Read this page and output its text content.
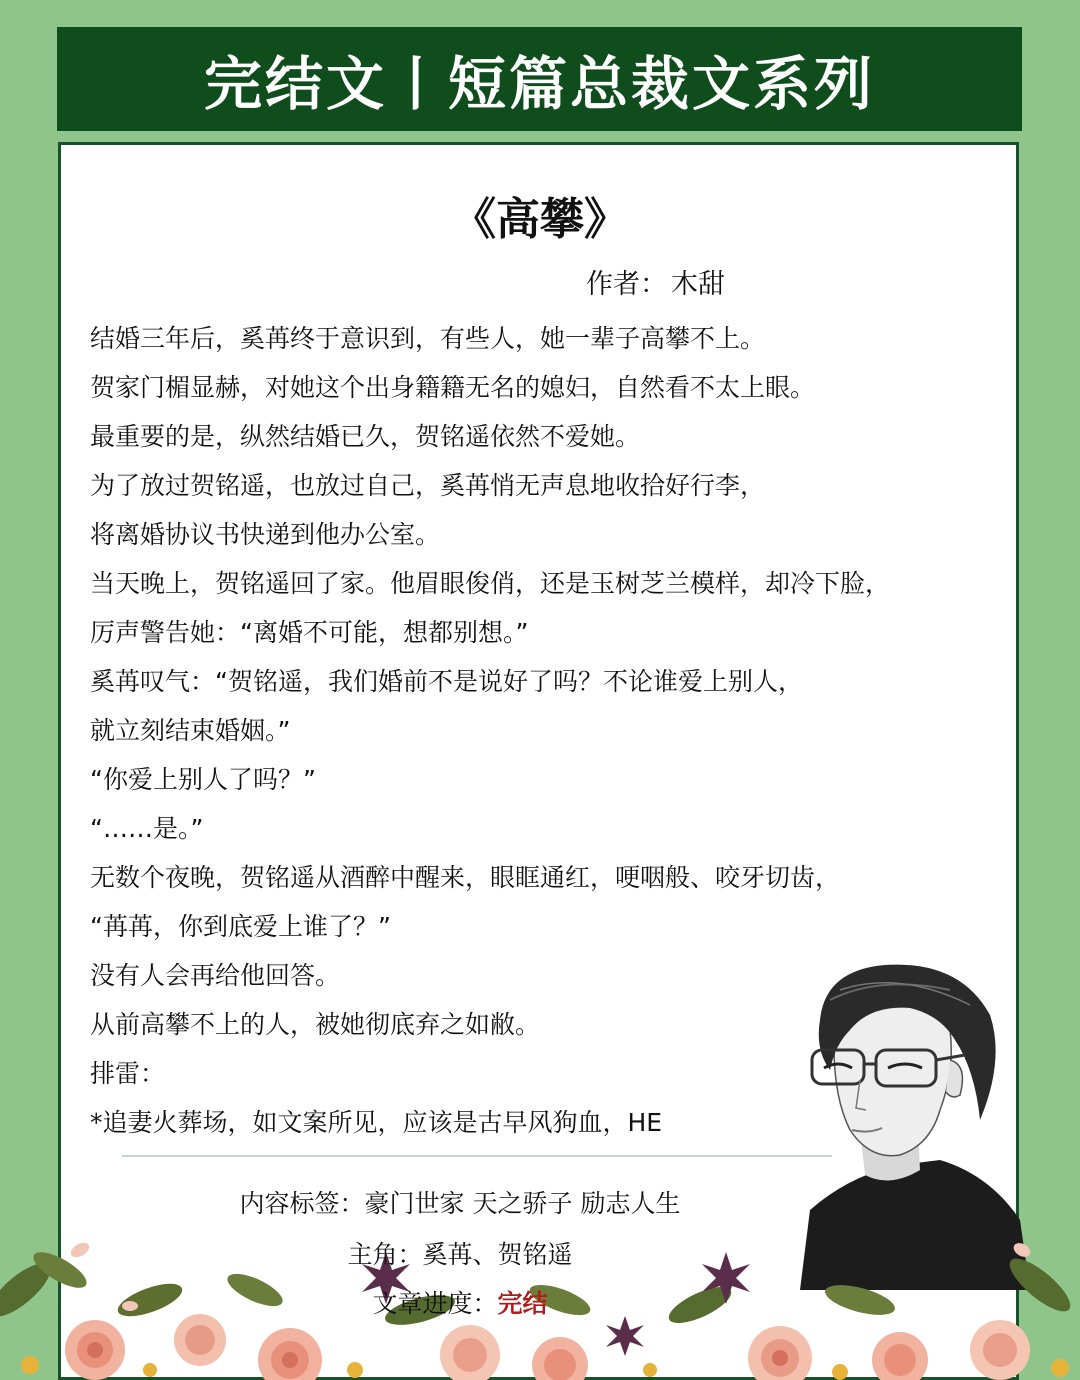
完结文丨短篇总裁文系列
《高攀》
作者： 木甜
结婚三年后，奚苒终于意识到，有些人，她一辈子高攀不上。
贺家门楣显赫，对她这个出身籍籍无名的媳妇，自然看不太上眼。
最重要的是，纵然结婚已久，贺铭遥依然不爱她。
为了放过贺铭遥，也放过自己，奚苒悄无声息地收拾好行李，
将离婚协议书快递到他办公室。
当天晚上，贺铭遥回了家。他眉眼俊俏，还是玉树芝兰模样，却冷下脸，
厉声警告她：“离婚不可能，想都别想。”
奚苒叹气：“贺铭遥，我们婚前不是说好了吗？不论谁爱上别人，
就立刻结束婚姻。”
“你爱上别人了吗？”
“……是。”
无数个夜晚，贺铭遥从酒醉中醒来，眼眶通红，哽咽般、咬牙切齿，
“苒苒，你到底爱上谁了？”
没有人会再给他回答。
从前高攀不上的人，被她彻底弃之如敝。
排雷：
*追妻火葬场，如文案所见，应该是古早风狗血，HE
内容标签：豪门世家 天之骄子 励志人生
主角：奚苒、贺铭遥
文章进度：完结
